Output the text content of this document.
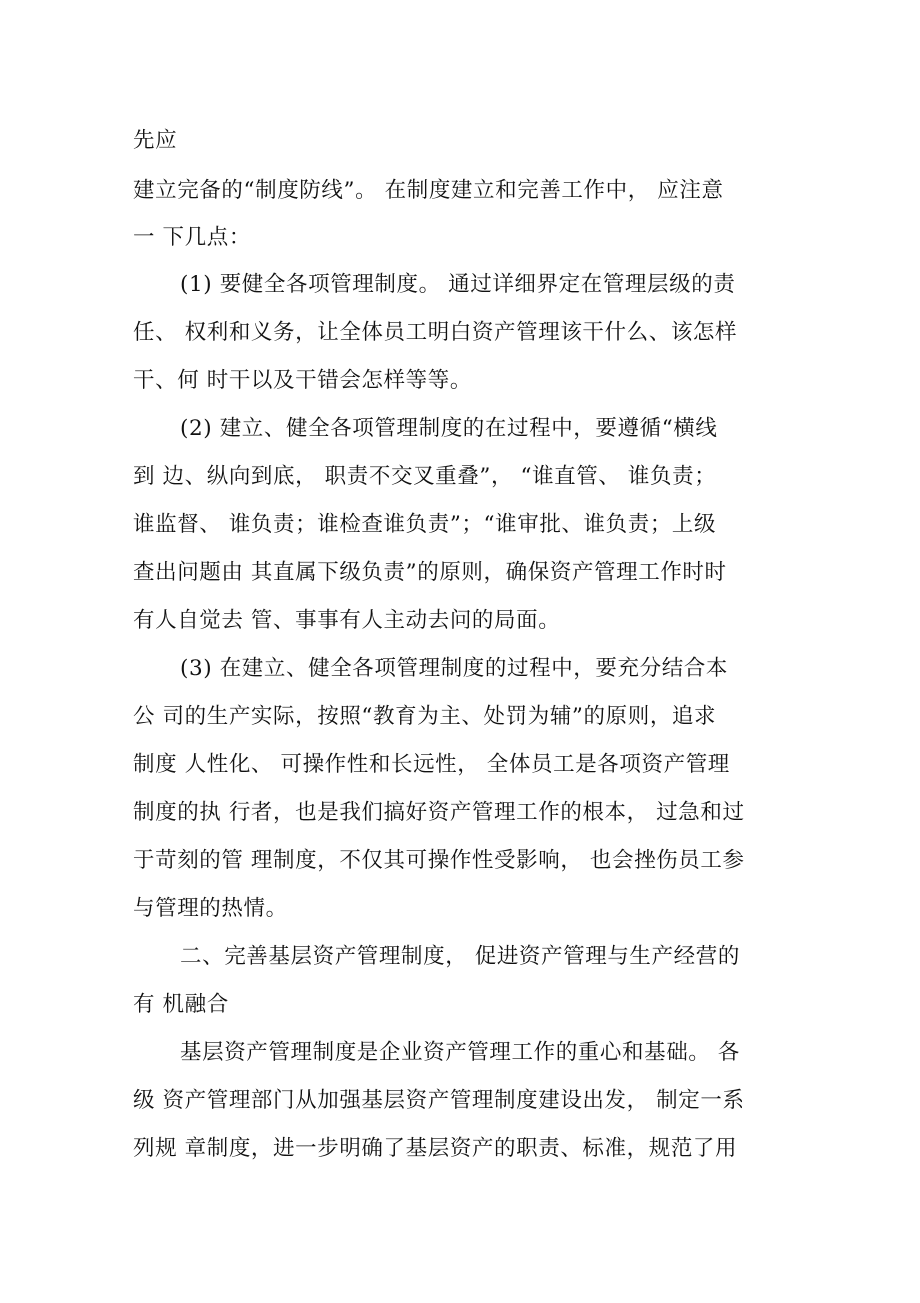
先应
建立完备的“制度防线”。 在制度建立和完善工作中， 应注意
一 下几点：
(1) 要健全各项管理制度。 通过详细界定在管理层级的责
任、 权利和义务，让全体员工明白资产管理该干什么、该怎样
干、何 时干以及干错会怎样等等。
(2) 建立、健全各项管理制度的在过程中，要遵循“横线
到 边、纵向到底， 职责不交叉重叠”， “谁直管、 谁负责；
谁监督、 谁负责；谁检查谁负责”；“谁审批、谁负责；上级
查出问题由 其直属下级负责”的原则，确保资产管理工作时时
有人自觉去 管、事事有人主动去问的局面。
(3) 在建立、健全各项管理制度的过程中，要充分结合本
公 司的生产实际，按照“教育为主、处罚为辅”的原则，追求
制度 人性化、 可操作性和长远性， 全体员工是各项资产管理
制度的执 行者，也是我们搞好资产管理工作的根本， 过急和过
于苛刻的管 理制度，不仅其可操作性受影响， 也会挫伤员工参
与管理的热情。
二、完善基层资产管理制度， 促进资产管理与生产经营的
有 机融合
基层资产管理制度是企业资产管理工作的重心和基础。 各
级 资产管理部门从加强基层资产管理制度建设出发， 制定一系
列规 章制度，进一步明确了基层资产的职责、标准，规范了用
